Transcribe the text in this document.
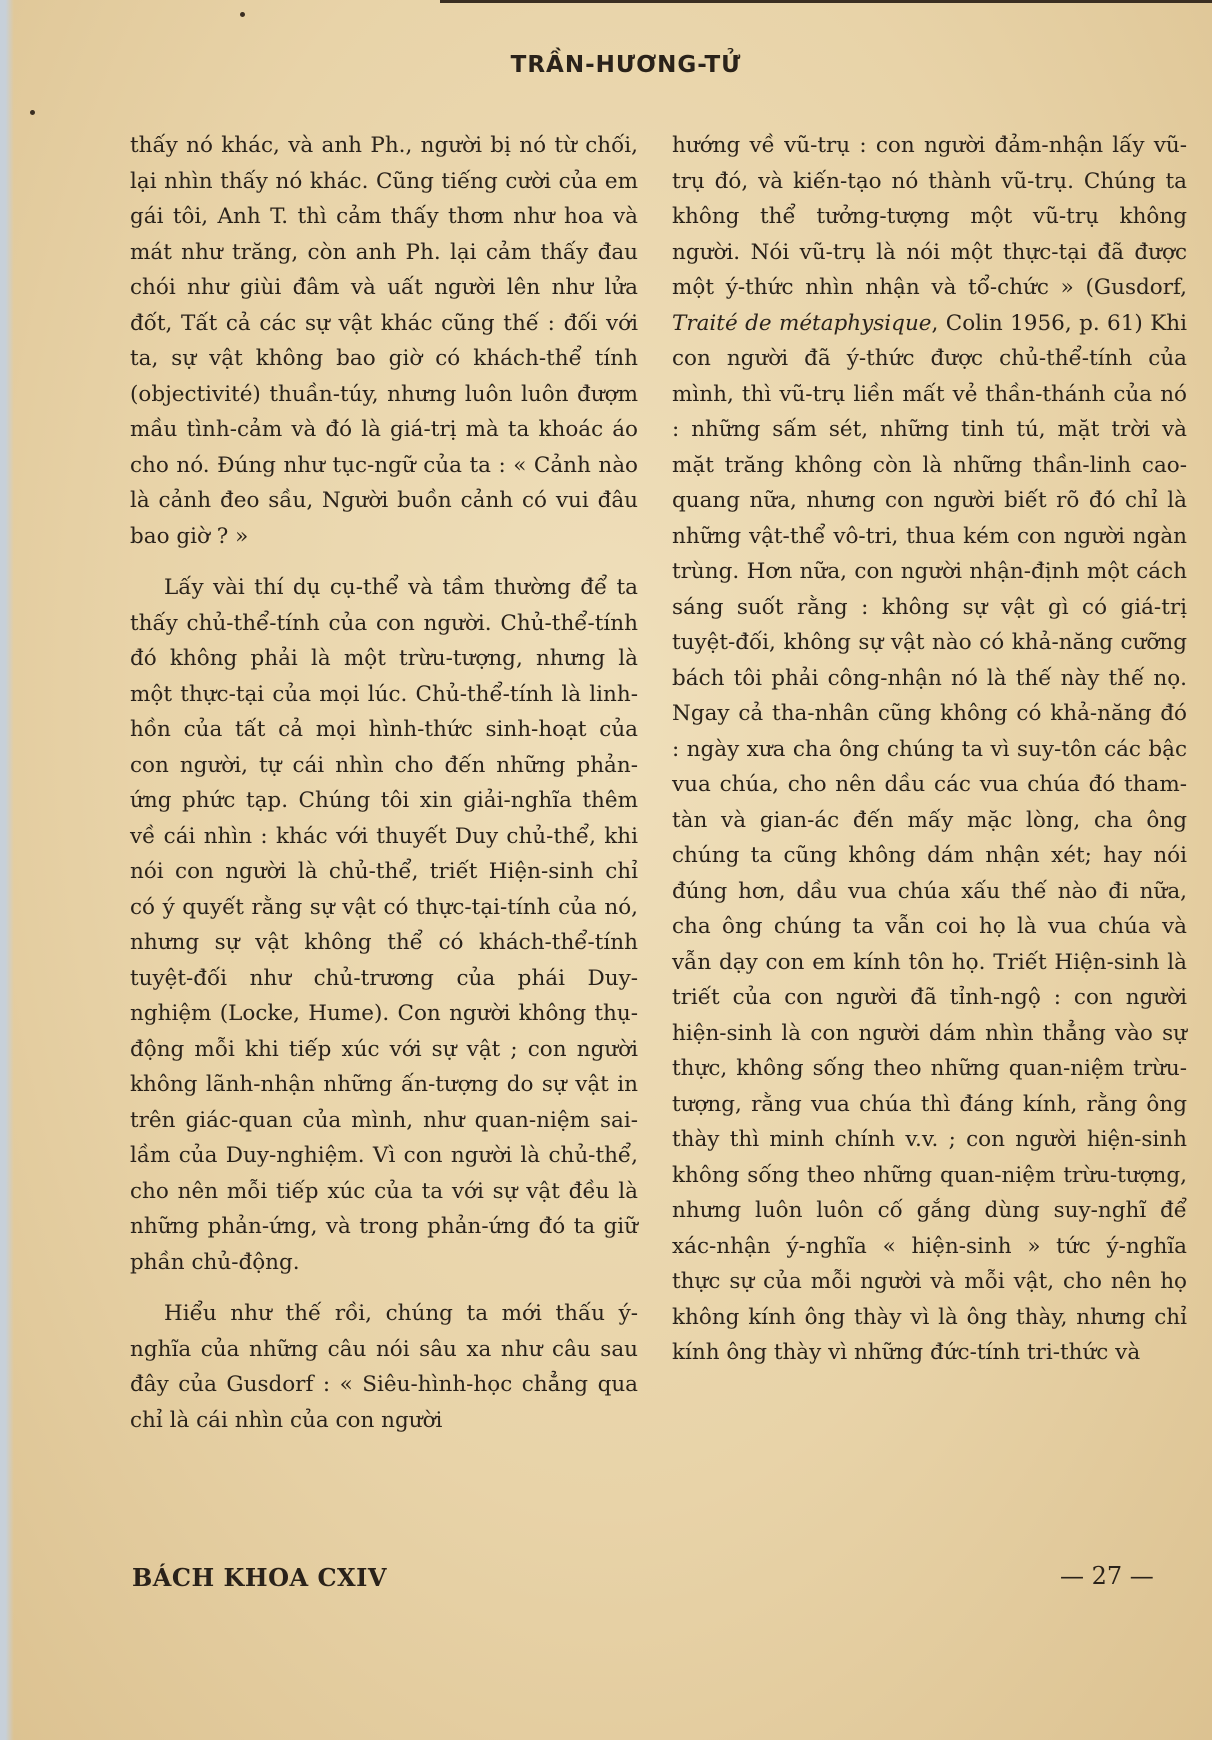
TRẦN-HƯƠNG-TỬ

thấy nó khác, và anh Ph., người bị nó từ chối, lại nhìn thấy nó khác. Cũng tiếng cười của em gái tôi, Anh T. thì cảm thấy thơm như hoa và mát như trăng, còn anh Ph. lại cảm thấy đau chói như giùi đâm và uất người lên như lửa đốt, Tất cả các sự vật khác cũng thế : đối với ta, sự vật không bao giờ có khách-thể tính (objectivité) thuần-túy, nhưng luôn luôn đượm mầu tình-cảm và đó là giá-trị mà ta khoác áo cho nó. Đúng như tục-ngữ của ta : « Cảnh nào là cảnh đeo sầu, Người buồn cảnh có vui đâu bao giờ ? »

Lấy vài thí dụ cụ-thể và tầm thường để ta thấy chủ-thể-tính của con người. Chủ-thể-tính đó không phải là một trừu-tượng, nhưng là một thực-tại của mọi lúc. Chủ-thể-tính là linh-hồn của tất cả mọi hình-thức sinh-hoạt của con người, tự cái nhìn cho đến những phản-ứng phức tạp. Chúng tôi xin giải-nghĩa thêm về cái nhìn : khác với thuyết Duy chủ-thể, khi nói con người là chủ-thể, triết Hiện-sinh chỉ có ý quyết rằng sự vật có thực-tại-tính của nó, nhưng sự vật không thể có khách-thể-tính tuyệt-đối như chủ-trương của phái Duy-nghiệm (Locke, Hume). Con người không thụ-động mỗi khi tiếp xúc với sự vật ; con người không lãnh-nhận những ấn-tượng do sự vật in trên giác-quan của mình, như quan-niệm sai-lầm của Duy-nghiệm. Vì con người là chủ-thể, cho nên mỗi tiếp xúc của ta với sự vật đều là những phản-ứng, và trong phản-ứng đó ta giữ phần chủ-động.

Hiểu như thế rồi, chúng ta mới thấu ý-nghĩa của những câu nói sâu xa như câu sau đây của Gusdorf : « Siêu-hình-học chẳng qua chỉ là cái nhìn của con người

hướng về vũ-trụ : con người đảm-nhận lấy vũ-trụ đó, và kiến-tạo nó thành vũ-trụ. Chúng ta không thể tưởng-tượng một vũ-trụ không người. Nói vũ-trụ là nói một thực-tại đã được một ý-thức nhìn nhận và tổ-chức » (Gusdorf, Traité de métaphysique, Colin 1956, p. 61) Khi con người đã ý-thức được chủ-thể-tính của mình, thì vũ-trụ liền mất vẻ thần-thánh của nó : những sấm sét, những tinh tú, mặt trời và mặt trăng không còn là những thần-linh cao-quang nữa, nhưng con người biết rõ đó chỉ là những vật-thể vô-tri, thua kém con người ngàn trùng. Hơn nữa, con người nhận-định một cách sáng suốt rằng : không sự vật gì có giá-trị tuyệt-đối, không sự vật nào có khả-năng cưỡng bách tôi phải công-nhận nó là thế này thế nọ. Ngay cả tha-nhân cũng không có khả-năng đó : ngày xưa cha ông chúng ta vì suy-tôn các bậc vua chúa, cho nên dầu các vua chúa đó tham-tàn và gian-ác đến mấy mặc lòng, cha ông chúng ta cũng không dám nhận xét; hay nói đúng hơn, dầu vua chúa xấu thế nào đi nữa, cha ông chúng ta vẫn coi họ là vua chúa và vẫn dạy con em kính tôn họ. Triết Hiện-sinh là triết của con người đã tỉnh-ngộ : con người hiện-sinh là con người dám nhìn thẳng vào sự thực, không sống theo những quan-niệm trừu-tượng, rằng vua chúa thì đáng kính, rằng ông thày thì minh chính v.v. ; con người hiện-sinh không sống theo những quan-niệm trừu-tượng, nhưng luôn luôn cố gắng dùng suy-nghĩ để xác-nhận ý-nghĩa « hiện-sinh » tức ý-nghĩa thực sự của mỗi người và mỗi vật, cho nên họ không kính ông thày vì là ông thày, nhưng chỉ kính ông thày vì những đức-tính tri-thức và

BÁCH KHOA CXIV	— 27 —
